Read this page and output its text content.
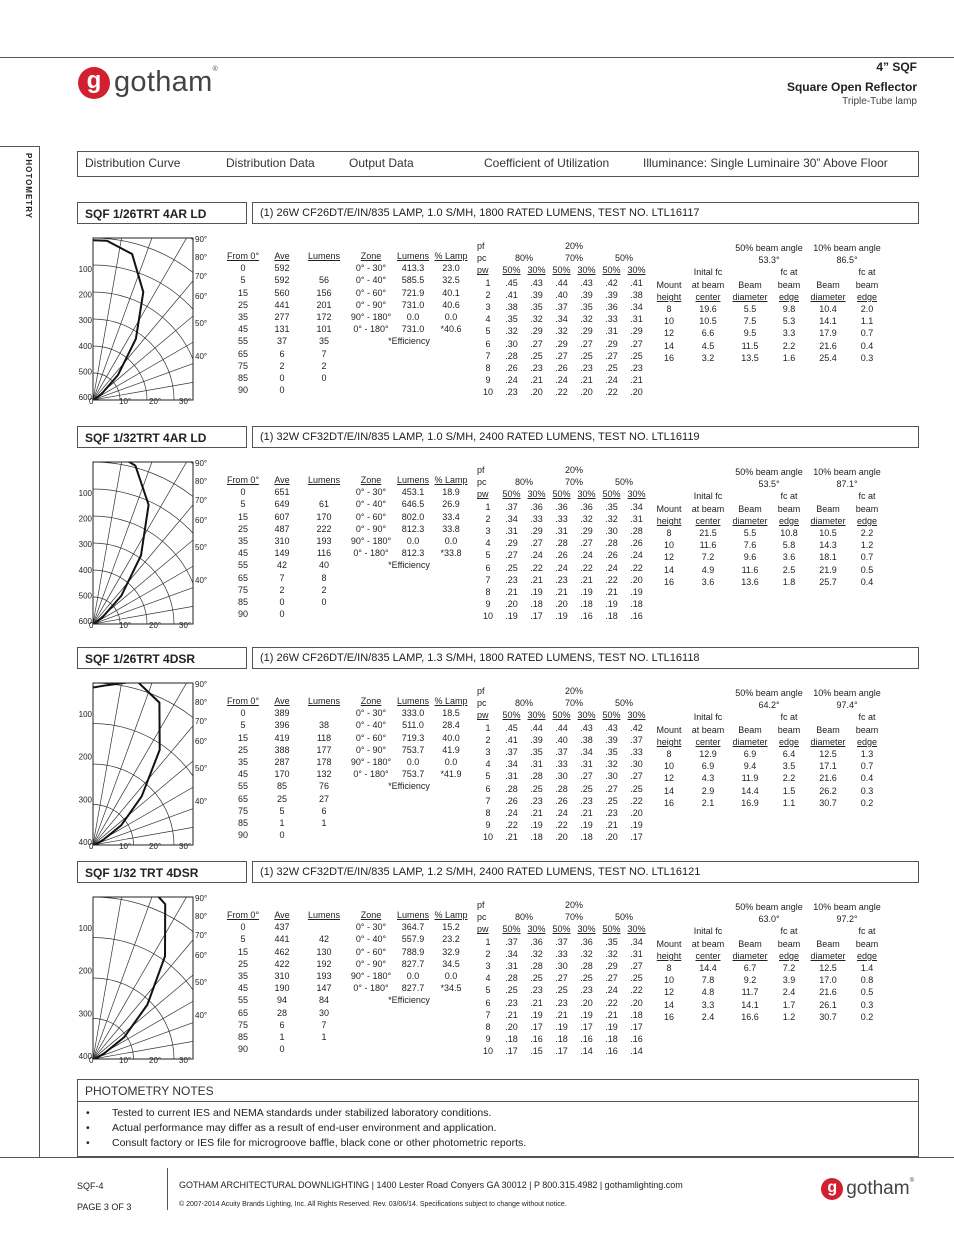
g gotham®	4” SQF
Square Open Reflector
Triple-Tube lamp
PHOTOMETRY	Distribution Curve	Distribution Data	Output Data	Coefficient of Utilization	Illuminance: Single Luminaire 30” Above Floor
SQF 1/26TRT 4AR LD	(1) 26W CF26DT/E/IN/835 LAMP, 1.0 S/MH, 1800 RATED LUMENS, TEST NO. LTL16117
100
200
300
400
500
600
90°
80°
70°
60°
50°
40°
0°	10° 20° 30°
From 0°	Ave	Lumens
0	592	
5	592	56
15	560	156
25	441	201
35	277	172
45	131	101
55	37	35
65	6	7
75	2	2
85	0	0
90	0	
Zone	Lumens	% Lamp
0° - 30°	413.3	23.0
0° - 40°	585.5	32.5
0° - 60°	721.9	40.1
0° - 90°	731.0	40.6
90° - 180°	0.0	0.0
0° - 180°	731.0	*40.6
*Efficiency		
pf	20%					
pc	80%		70%		50%	
pw	50%	30%	50%	30%	50%	30%
1	.45	.43	.44	.43	.42	.41
2	.41	.39	.40	.39	.39	.38
3	.38	.35	.37	.35	.36	.34
4	.35	.32	.34	.32	.33	.31
5	.32	.29	.32	.29	.31	.29
6	.30	.27	.29	.27	.29	.27
7	.28	.25	.27	.25	.27	.25
8	.26	.23	.26	.23	.25	.23
9	.24	.21	.24	.21	.24	.21
10	.23	.20	.22	.20	.22	.20
		50% beam angle		10% beam angle	
		53.3°		86.5°	
	Inital fc		fc at		fc at
Mount	at beam	Beam	beam	Beam	beam
height	center	diameter	edge	diameter	edge
8	19.6	5.5	9.8	10.4	2.0
10	10.5	7.5	5.3	14.1	1.1
12	6.6	9.5	3.3	17.9	0.7
14	4.5	11.5	2.2	21.6	0.4
16	3.2	13.5	1.6	25.4	0.3
SQF 1/32TRT 4AR LD	(1) 32W CF32DT/E/IN/835 LAMP, 1.0 S/MH, 2400 RATED LUMENS, TEST NO. LTL16119
100
200
300
400
500
600
90°
80°
70°
60°
50°
40°
0°	10° 20° 30°
From 0°	Ave	Lumens
0	651	
5	649	61
15	607	170
25	487	222
35	310	193
45	149	116
55	42	40
65	7	8
75	2	2
85	0	0
90	0	
Zone	Lumens	% Lamp
0° - 30°	453.1	18.9
0° - 40°	646.5	26.9
0° - 60°	802.0	33.4
0° - 90°	812.3	33.8
90° - 180°	0.0	0.0
0° - 180°	812.3	*33.8
*Efficiency		
pf	20%					
pc	80%		70%		50%	
pw	50%	30%	50%	30%	50%	30%
1	.37	.36	.36	.36	.35	.34
2	.34	.33	.33	.32	.32	.31
3	.31	.29	.31	.29	.30	.28
4	.29	.27	.28	.27	.28	.26
5	.27	.24	.26	.24	.26	.24
6	.25	.22	.24	.22	.24	.22
7	.23	.21	.23	.21	.22	.20
8	.21	.19	.21	.19	.21	.19
9	.20	.18	.20	.18	.19	.18
10	.19	.17	.19	.16	.18	.16
		50% beam angle		10% beam angle	
		53.5°		87.1°	
	Inital fc		fc at		fc at
Mount	at beam	Beam	beam	Beam	beam
height	center	diameter	edge	diameter	edge
8	21.5	5.5	10.8	10.5	2.2
10	11.6	7.6	5.8	14.3	1.2
12	7.2	9.6	3.6	18.1	0.7
14	4.9	11.6	2.5	21.9	0.5
16	3.6	13.6	1.8	25.7	0.4
SQF 1/26TRT 4DSR	(1) 26W CF26DT/E/IN/835 LAMP, 1.3 S/MH, 1800 RATED LUMENS, TEST NO. LTL16118
100
200
300
400
90°
80°
70°
60°
50°
40°
0°	10° 20° 30°
From 0°	Ave	Lumens
0	389	
5	396	38
15	419	118
25	388	177
35	287	178
45	170	132
55	85	76
65	25	27
75	5	6
85	1	1
90	0	
Zone	Lumens	% Lamp
0° - 30°	333.0	18.5
0° - 40°	511.0	28.4
0° - 60°	719.3	40.0
0° - 90°	753.7	41.9
90° - 180°	0.0	0.0
0° - 180°	753.7	*41.9
*Efficiency		
pf	20%					
pc	80%		70%		50%	
pw	50%	30%	50%	30%	50%	30%
1	.45	.44	.44	.43	.43	.42
2	.41	.39	.40	.38	.39	.37
3	.37	.35	.37	.34	.35	.33
4	.34	.31	.33	.31	.32	.30
5	.31	.28	.30	.27	.30	.27
6	.28	.25	.28	.25	.27	.25
7	.26	.23	.26	.23	.25	.22
8	.24	.21	.24	.21	.23	.20
9	.22	.19	.22	.19	.21	.19
10	.21	.18	.20	.18	.20	.17
		50% beam angle		10% beam angle	
		64.2°		97.4°	
	Inital fc		fc at		fc at
Mount	at beam	Beam	beam	Beam	beam
height	center	diameter	edge	diameter	edge
8	12.9	6.9	6.4	12.5	1.3
10	6.9	9.4	3.5	17.1	0.7
12	4.3	11.9	2.2	21.6	0.4
14	2.9	14.4	1.5	26.2	0.3
16	2.1	16.9	1.1	30.7	0.2
SQF 1/32 TRT 4DSR	(1) 32W CF32DT/E/IN/835 LAMP, 1.2 S/MH, 2400 RATED LUMENS, TEST NO. LTL16121
100
200
300
400
90°
80°
70°
60°
50°
40°
0°	10° 20° 30°
From 0°	Ave	Lumens
0	437	
5	441	42
15	462	130
25	422	192
35	310	193
45	190	147
55	94	84
65	28	30
75	6	7
85	1	1
90	0	
Zone	Lumens	% Lamp
0° - 30°	364.7	15.2
0° - 40°	557.9	23.2
0° - 60°	788.9	32.9
0° - 90°	827.7	34.5
90° - 180°	0.0	0.0
0° - 180°	827.7	*34.5
*Efficiency		
pf	20%					
pc	80%		70%		50%	
pw	50%	30%	50%	30%	50%	30%
1	.37	.36	.37	.36	.35	.34
2	.34	.32	.33	.32	.32	.31
3	.31	.28	.30	.28	.29	.27
4	.28	.25	.27	.25	.27	.25
5	.25	.23	.25	.23	.24	.22
6	.23	.21	.23	.20	.22	.20
7	.21	.19	.21	.19	.21	.18
8	.20	.17	.19	.17	.19	.17
9	.18	.16	.18	.16	.18	.16
10	.17	.15	.17	.14	.16	.14
		50% beam angle		10% beam angle	
		63.0°		97.2°	
	Inital fc		fc at		fc at
Mount	at beam	Beam	beam	Beam	beam
height	center	diameter	edge	diameter	edge
8	14.4	6.7	7.2	12.5	1.4
10	7.8	9.2	3.9	17.0	0.8
12	4.8	11.7	2.4	21.6	0.5
14	3.3	14.1	1.7	26.1	0.3
16	2.4	16.6	1.2	30.7	0.2
PHOTOMETRY NOTES
•	Tested to current IES and NEMA standards under stabilized laboratory conditions.
•	Actual performance may differ as a result of end-user environment and application.
•	Consult factory or IES file for microgroove baffle, black cone or other photometric reports.
SQF-4
PAGE 3 OF 3
GOTHAM ARCHITECTURAL DOWNLIGHTING | 1400 Lester Road Conyers GA 30012 | P 800.315.4982 | gothamlighting.com
© 2007-2014 Acuity Brands Lighting, Inc. All Rights Reserved. Rev. 03/06/14. Specifications subject to change without notice.
g gotham®
